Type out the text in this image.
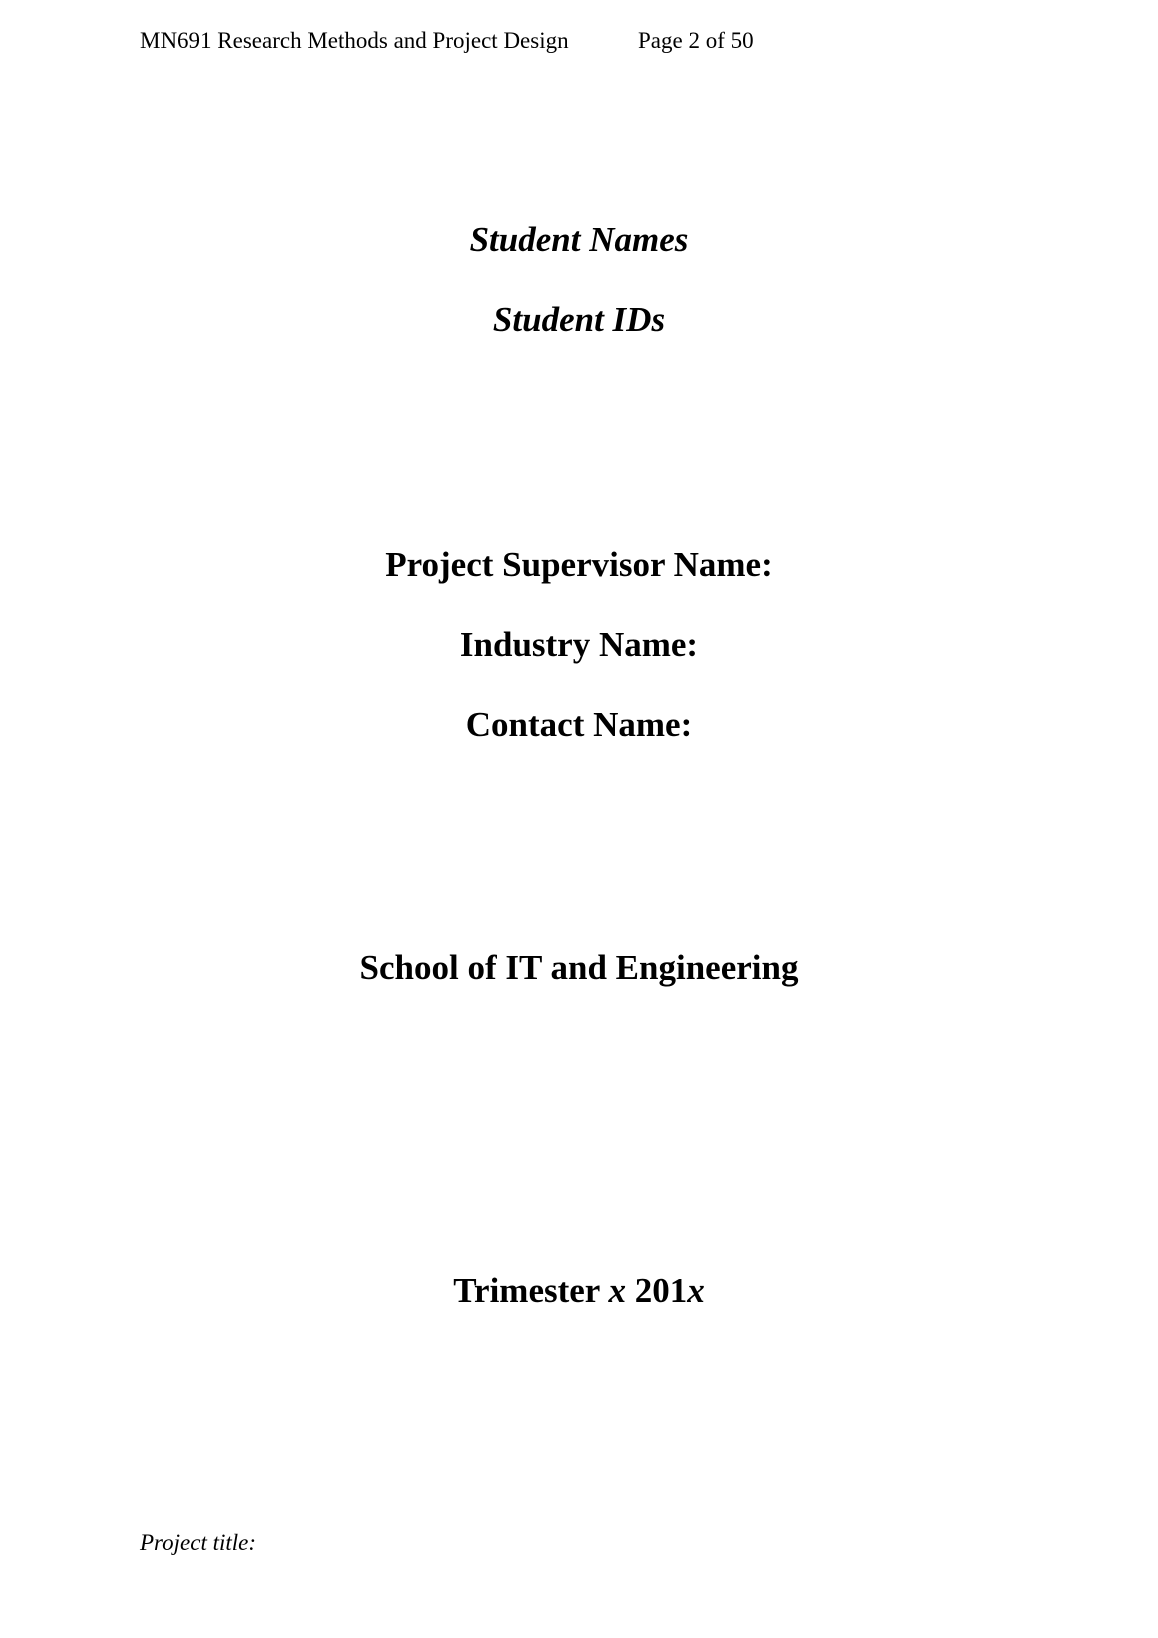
MN691 Research Methods and Project Design	Page 2 of 50
Student Names
Student IDs
Project Supervisor Name:
Industry Name:
Contact Name:
School of IT and Engineering
Trimester x 201x
Project title:
